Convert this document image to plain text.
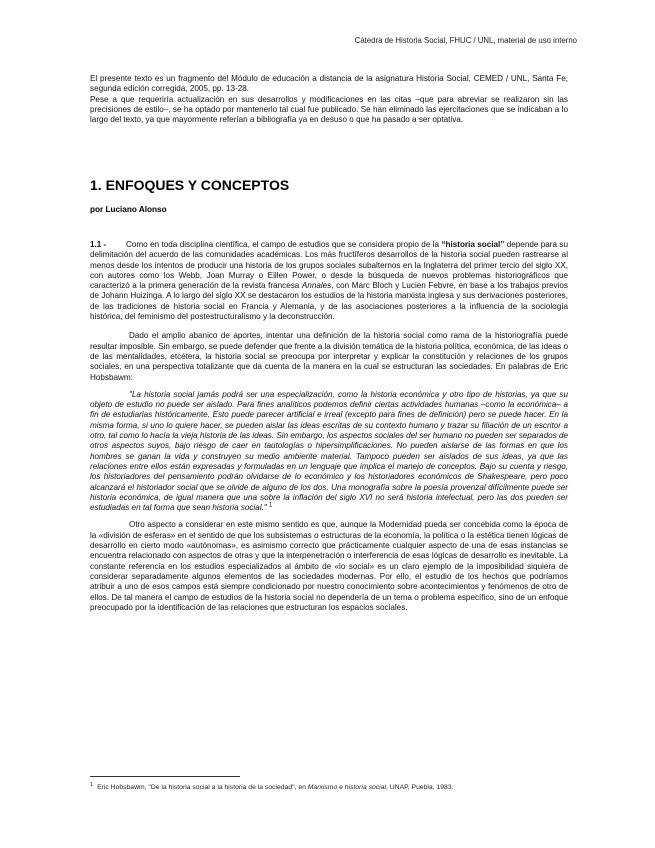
Cátedra de Historia Social, FHUC / UNL, material de uso interno

El presente texto es un fragmento del Módulo de educación a distancia de la asignatura Historia Social, CEMED / UNL, Santa Fe, segunda edición corregida, 2005, pp. 13-28.

Pese a que requeriría actualización en sus desarrollos y modificaciones en las citas –que para abreviar se realizaron sin las precisiones de estilo–, se ha optado por mantenerlo tal cual fue publicado. Se han eliminado las ejercitaciones que se indicaban a lo largo del texto, ya que mayormente referían a bibliografía ya en desuso o que ha pasado a ser optativa.

1. ENFOQUES Y CONCEPTOS
por Luciano Alonso

1.1 - Como en toda disciplina científica, el campo de estudios que se considera propio de la “historia social” depende para su delimitación del acuerdo de las comunidades académicas. Los más fructíferos desarrollos de la historia social pueden rastrearse al menos desde los intentos de producir una historia de los grupos sociales subalternos en la Inglaterra del primer tercio del siglo XX, con autores como los Webb, Joan Murray o Eillen Power, o desde la búsqueda de nuevos problemas historiográficos que caracterizó a la primera generación de la revista francesa Annales, con Marc Bloch y Lucien Febvre, en base a los trabajos previos de Johann Huizinga. A lo largo del siglo XX se destacaron los estudios de la historia marxista inglesa y sus derivaciones posteriores, de las tradiciones de historia social en Francia y Alemania, y de las asociaciones posteriores a la influencia de la sociología histórica, del feminismo del postestructuralismo y la deconstrucción.

Dado el amplio abanico de aportes, intentar una definición de la historia social como rama de la historiografía puede resultar imposible. Sin embargo, se puede defender que frente a la división temática de la historia política, económica, de las ideas o de las mentalidades, etcétera, la historia social se preocupa por interpretar y explicar la constitución y relaciones de los grupos sociales, en una perspectiva totalizante que da cuenta de la manera en la cual se estructuran las sociedades. En palabras de Eric Hobsbawm:

"La historia social jamás podrá ser una especialización, como la historia económica y otro tipo de historias, ya que su objeto de estudio no puede ser aislado. Para fines analíticos podemos definir ciertas actividades humanas –como la económica– a fin de estudiarlas históricamente. Esto puede parecer artificial e irreal (excepto para fines de definición) pero se puede hacer. En la misma forma, si uno lo quiere hacer, se pueden aislar las ideas escritas de su contexto humano y trazar su filiación de un escritor a otro, tal como lo hacía la vieja historia de las ideas. Sin embargo, los aspectos sociales del ser humano no pueden ser separados de otros aspectos suyos, bajo riesgo de caer en tautologías o hipersimplificaciones. No pueden aislarse de las formas en que los hombres se ganan la vida y construyen su medio ambiente material. Tampoco pueden ser aislados de sus ideas, ya que las relaciones entre ellos están expresadas y formuladas en un lenguaje que implica el manejo de conceptos. Bajo su cuenta y riesgo, los historiadores del pensamiento podrán olvidarse de lo económico y los historiadores económicos de Shakespeare, pero poco alcanzará el historiador social que se olvide de alguno de los dos. Una monografía sobre la poesía provenzal difícilmente puede ser historia económica, de igual manera que una sobre la inflación del siglo XVI no será historia intelectual, pero las dos pueden ser estudiadas en tal forma que sean historia social." $^1$

Otro aspecto a considerar en este mismo sentido es que, aunque la Modernidad pueda ser concebida como la época de la «división de esferas» en el sentido de que los subsistemas o estructuras de la economía, la política o la estética tienen lógicas de desarrollo en cierto modo «autónomas», es asimismo correcto que prácticamente cualquier aspecto de una de esas instancias se encuentra relacionado con aspectos de otras y que la interpenetración o interferencia de esas lógicas de desarrollo es inevitable. La constante referencia en los estudios especializados al ámbito de «lo social» es un claro ejemplo de la imposibilidad siquiera de considerar separadamente algunos elementos de las sociedades modernas. Por ello, el estudio de los hechos que podríamos atribuir a uno de esos campos está siempre condicionado por nuestro conocimiento sobre acontecimientos y fenómenos de otro de ellos. De tal manera el campo de estudios de la historia social no dependería de un tema o problema específico, sino de un enfoque preocupado por la identificación de las relaciones que estructuran los espacios sociales.

$^1$ Eric Hobsbawm, "De la historia social a la historia de la sociedad", en Marxismo e historia social, UNAP, Puebla, 1983.
